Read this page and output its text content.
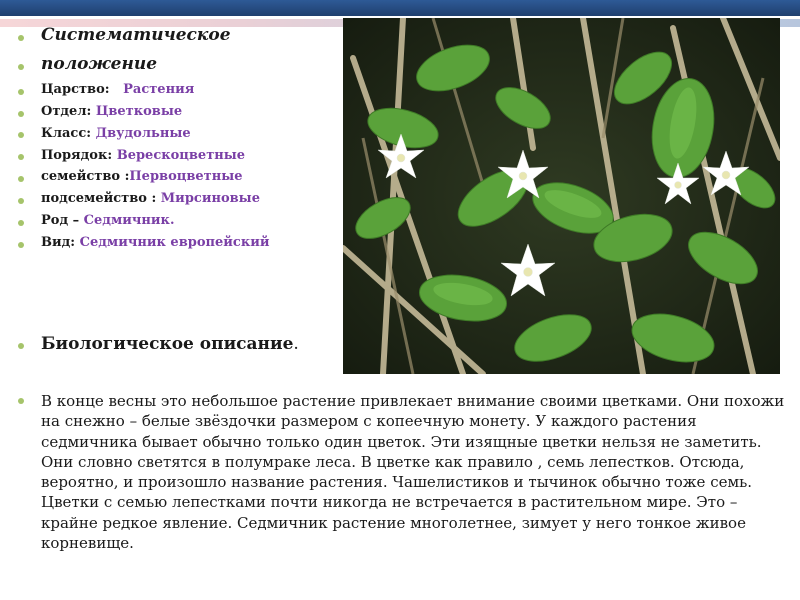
Систематическое
положение
Царство: Растения
Отдел: Цветковые
Класс: Двудольные
Порядок: Верескоцветные
семейство :Первоцветные
подсемейство : Мирсиновые
Род – Седмичник.
Вид: Седмичник европейский
Биологическое описание.
В конце весны это небольшое растение привлекает внимание своими цветками. Они похожи на снежно – белые звёздочки размером с копеечную монету. У каждого растения седмичника бывает обычно только один цветок. Эти изящные цветки нельзя не заметить. Они словно светятся в полумраке леса. В цветке как правило , семь лепестков. Отсюда, вероятно, и произошло название растения. Чашелистиков и тычинок обычно тоже семь. Цветки с семью лепестками почти никогда не встречается в растительном мире. Это – крайне редкое явление. Седмичник растение многолетнее, зимует у него тонкое живое корневище.
